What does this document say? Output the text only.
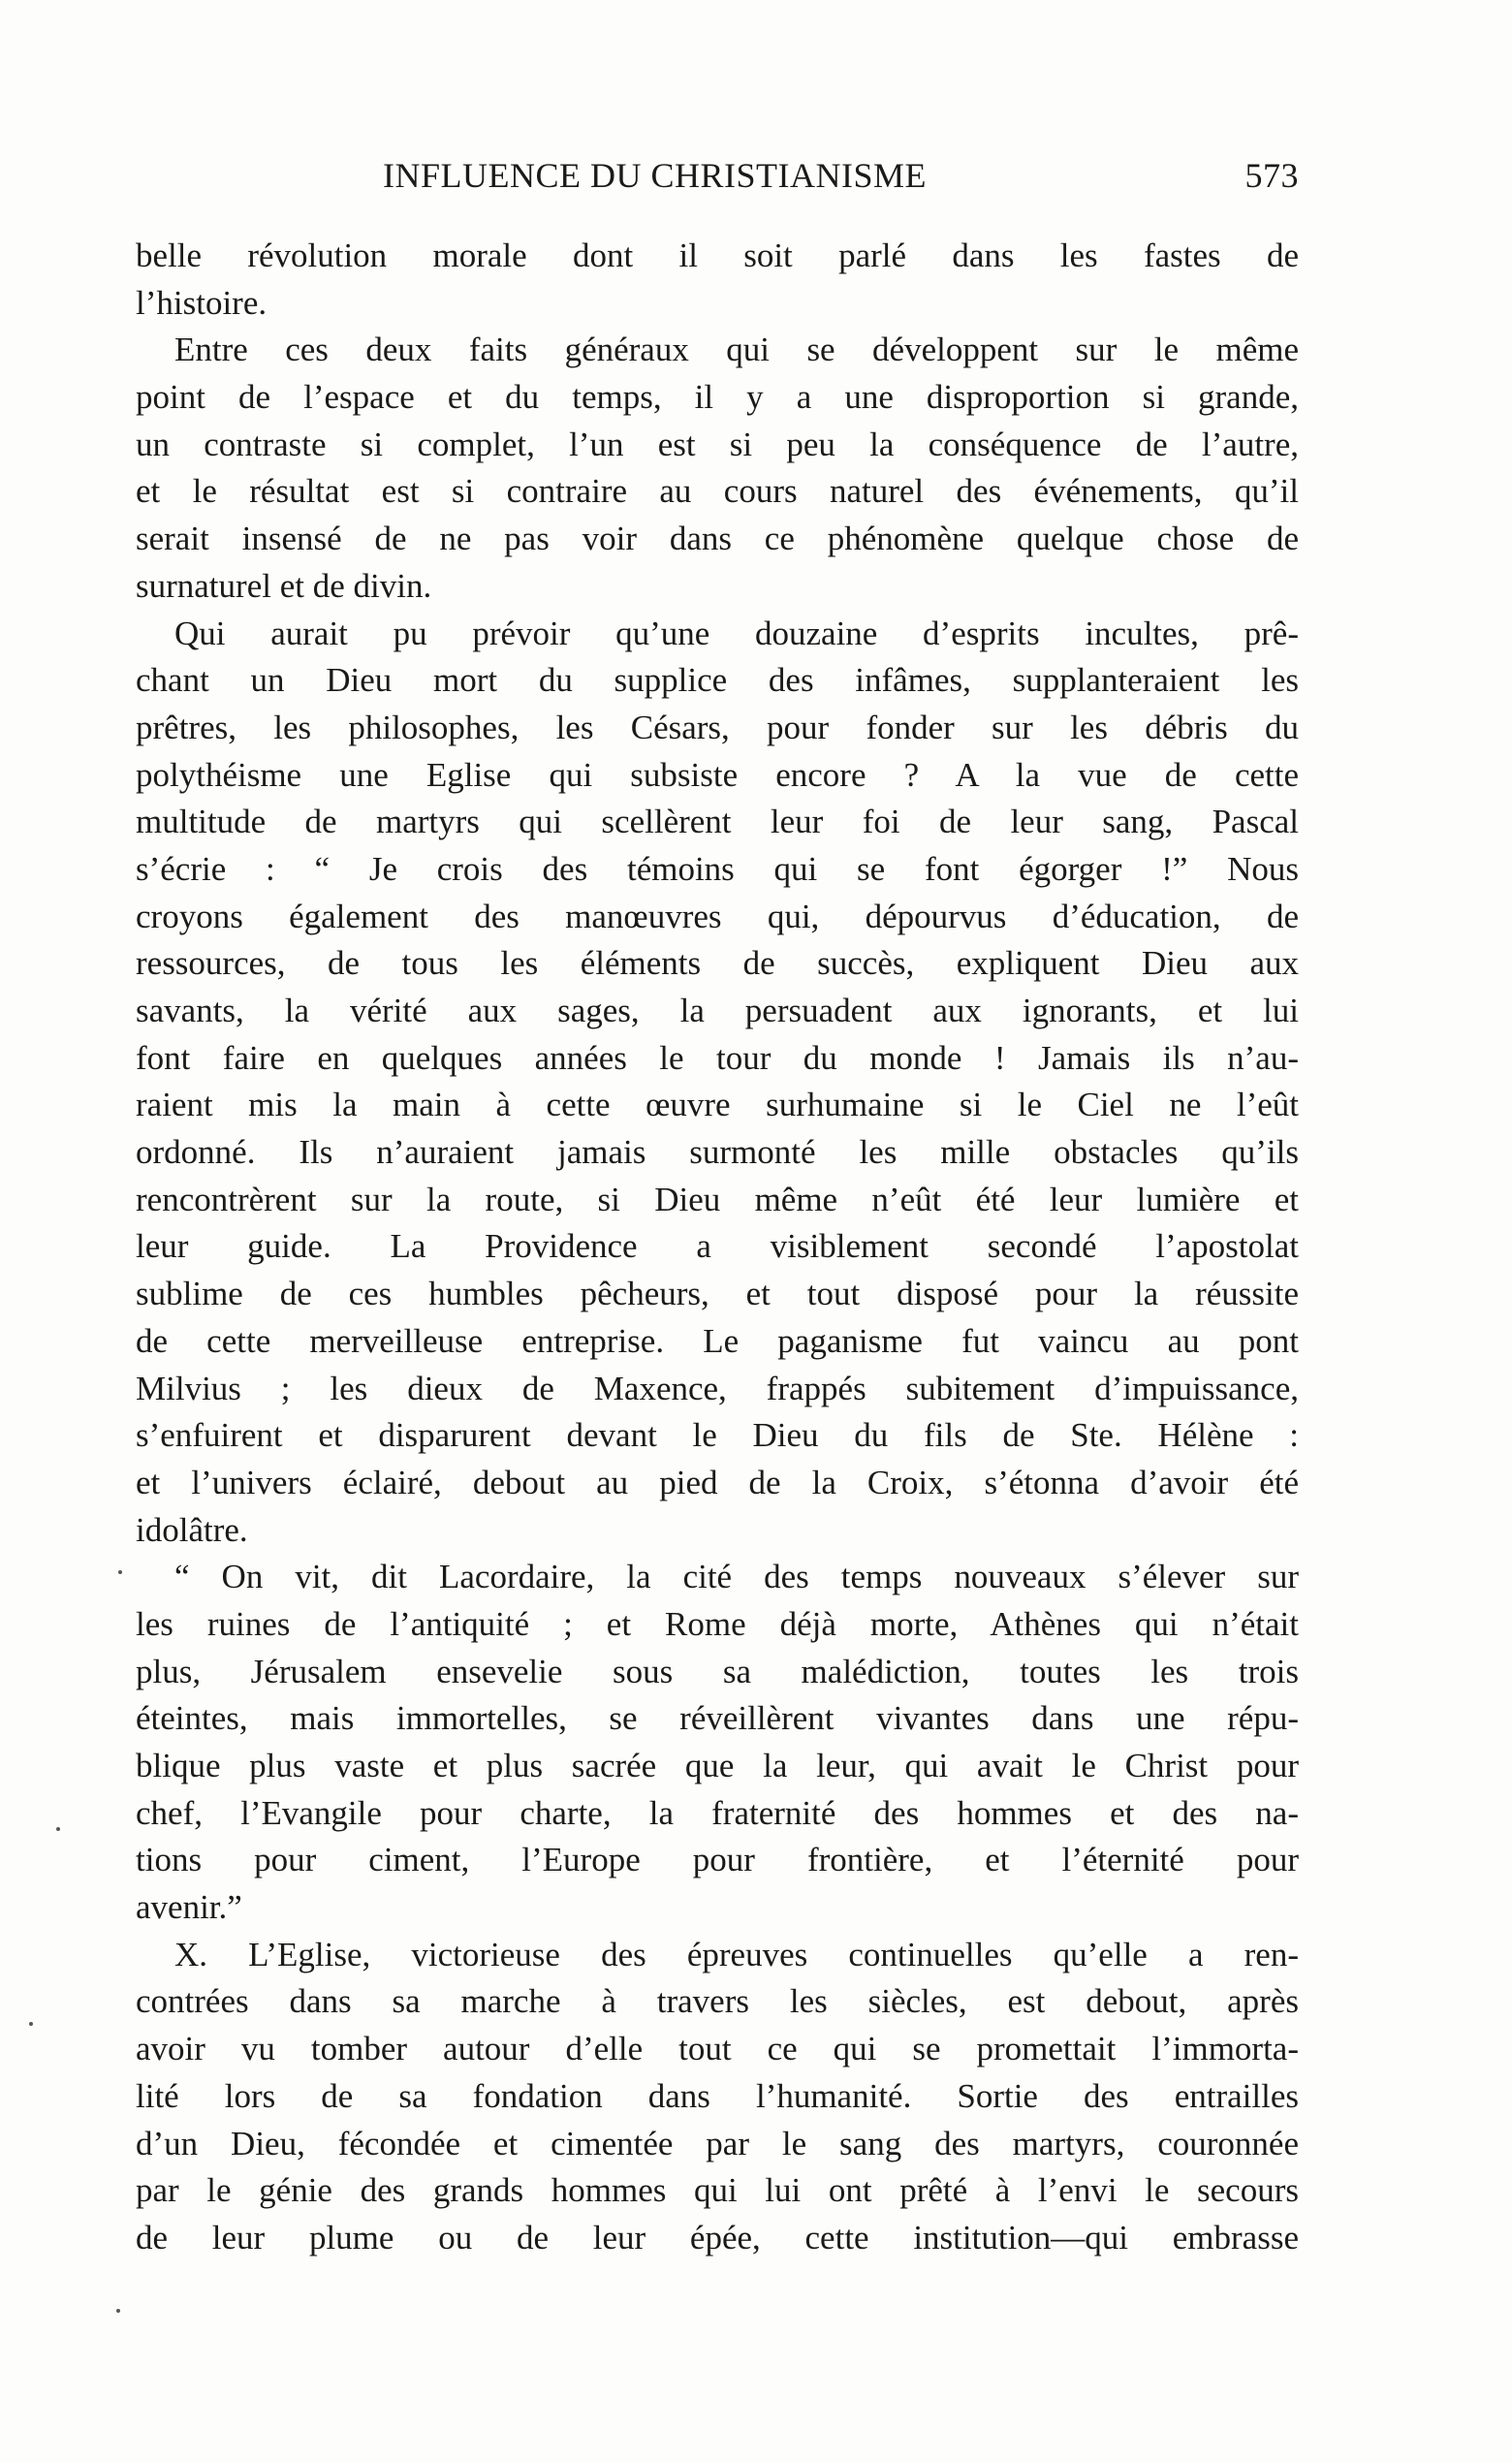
INFLUENCE DU CHRISTIANISME	573
belle révolution morale dont il soit parlé dans les fastes de
l’histoire.
Entre ces deux faits généraux qui se développent sur le même
point de l’espace et du temps, il y a une disproportion si grande,
un contraste si complet, l’un est si peu la conséquence de l’autre,
et le résultat est si contraire au cours naturel des événements, qu’il
serait insensé de ne pas voir dans ce phénomène quelque chose de
surnaturel et de divin.
Qui aurait pu prévoir qu’une douzaine d’esprits incultes, prê-
chant un Dieu mort du supplice des infâmes, supplanteraient les
prêtres, les philosophes, les Césars, pour fonder sur les débris du
polythéisme une Eglise qui subsiste encore ? A la vue de cette
multitude de martyrs qui scellèrent leur foi de leur sang, Pascal
s’écrie : “ Je crois des témoins qui se font égorger !” Nous
croyons également des manœuvres qui, dépourvus d’éducation, de
ressources, de tous les éléments de succès, expliquent Dieu aux
savants, la vérité aux sages, la persuadent aux ignorants, et lui
font faire en quelques années le tour du monde ! Jamais ils n’au-
raient mis la main à cette œuvre surhumaine si le Ciel ne l’eût
ordonné. Ils n’auraient jamais surmonté les mille obstacles qu’ils
rencontrèrent sur la route, si Dieu même n’eût été leur lumière et
leur guide. La Providence a visiblement secondé l’apostolat
sublime de ces humbles pêcheurs, et tout disposé pour la réussite
de cette merveilleuse entreprise. Le paganisme fut vaincu au pont
Milvius ; les dieux de Maxence, frappés subitement d’impuissance,
s’enfuirent et disparurent devant le Dieu du fils de Ste. Hélène :
et l’univers éclairé, debout au pied de la Croix, s’étonna d’avoir été
idolâtre.
“ On vit, dit Lacordaire, la cité des temps nouveaux s’élever sur
les ruines de l’antiquité ; et Rome déjà morte, Athènes qui n’était
plus, Jérusalem ensevelie sous sa malédiction, toutes les trois
éteintes, mais immortelles, se réveillèrent vivantes dans une répu-
blique plus vaste et plus sacrée que la leur, qui avait le Christ pour
chef, l’Evangile pour charte, la fraternité des hommes et des na-
tions pour ciment, l’Europe pour frontière, et l’éternité pour
avenir.”
X. L’Eglise, victorieuse des épreuves continuelles qu’elle a ren-
contrées dans sa marche à travers les siècles, est debout, après
avoir vu tomber autour d’elle tout ce qui se promettait l’immorta-
lité lors de sa fondation dans l’humanité. Sortie des entrailles
d’un Dieu, fécondée et cimentée par le sang des martyrs, couronnée
par le génie des grands hommes qui lui ont prêté à l’envi le secours
de leur plume ou de leur épée, cette institution—qui embrasse
